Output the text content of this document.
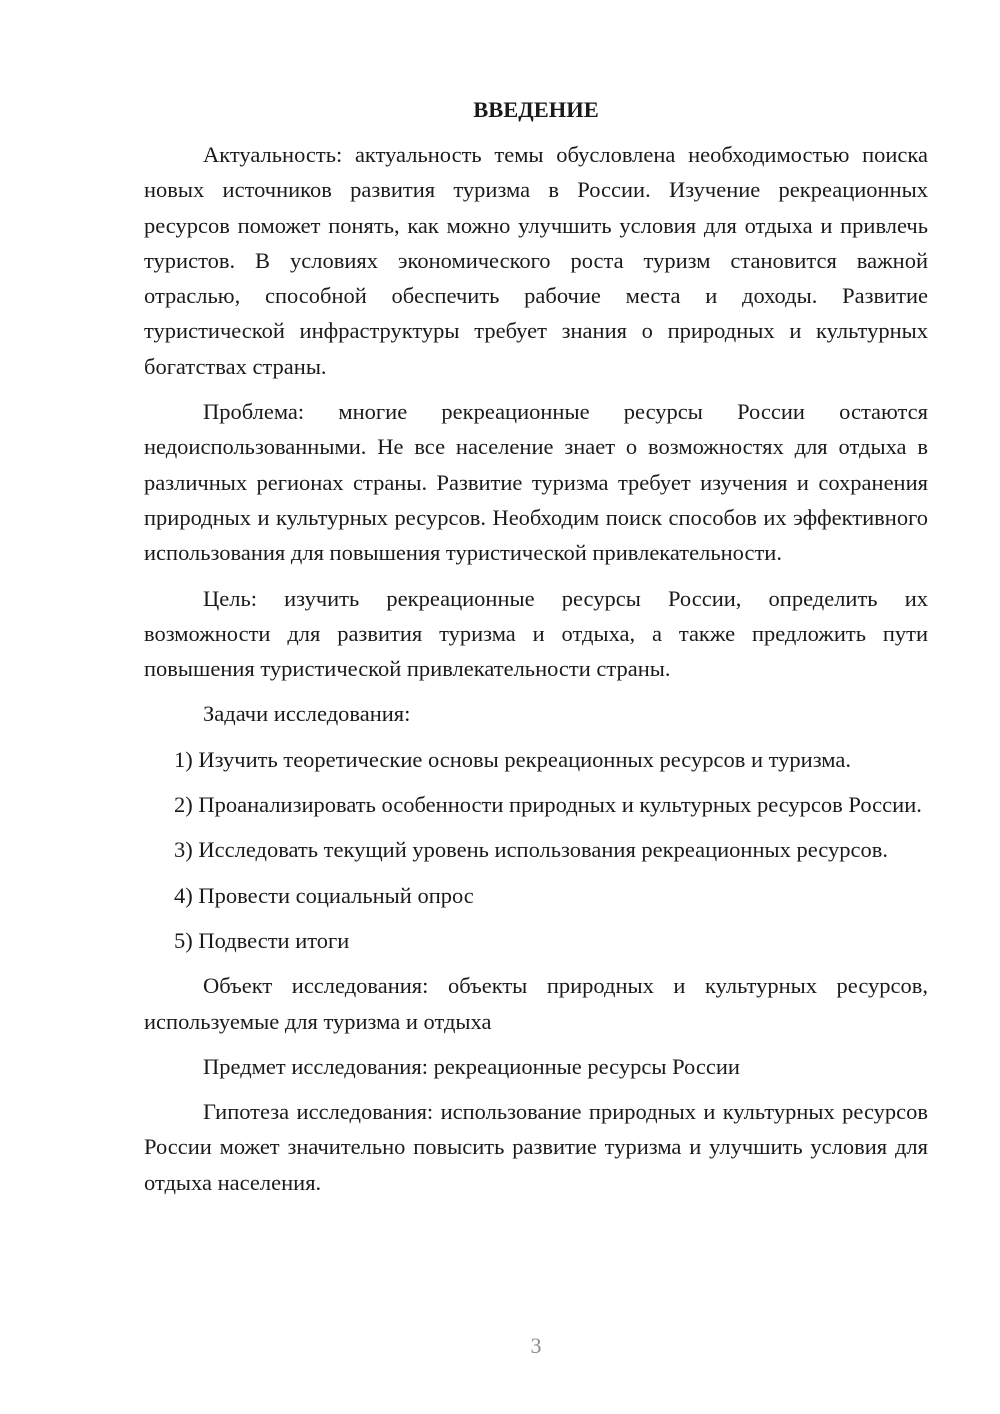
ВВЕДЕНИЕ

Актуальность: актуальность темы обусловлена необходимостью поиска новых источников развития туризма в России. Изучение рекреационных ресурсов поможет понять, как можно улучшить условия для отдыха и привлечь туристов. В условиях экономического роста туризм становится важной отраслью, способной обеспечить рабочие места и доходы. Развитие туристической инфраструктуры требует знания о природных и культурных богатствах страны.

Проблема: многие рекреационные ресурсы России остаются недоиспользованными. Не все население знает о возможностях для отдыха в различных регионах страны. Развитие туризма требует изучения и сохранения природных и культурных ресурсов. Необходим поиск способов их эффективного использования для повышения туристической привлекательности.

Цель: изучить рекреационные ресурсы России, определить их возможности для развития туризма и отдыха, а также предложить пути повышения туристической привлекательности страны.

Задачи исследования:

1) Изучить теоретические основы рекреационных ресурсов и туризма.

2) Проанализировать особенности природных и культурных ресурсов России.

3) Исследовать текущий уровень использования рекреационных ресурсов.

4) Провести социальный опрос

5) Подвести итоги

Объект исследования: объекты природных и культурных ресурсов, используемые для туризма и отдыха

Предмет исследования: рекреационные ресурсы России

Гипотеза исследования: использование природных и культурных ресурсов России может значительно повысить развитие туризма и улучшить условия для отдыха населения.

3
